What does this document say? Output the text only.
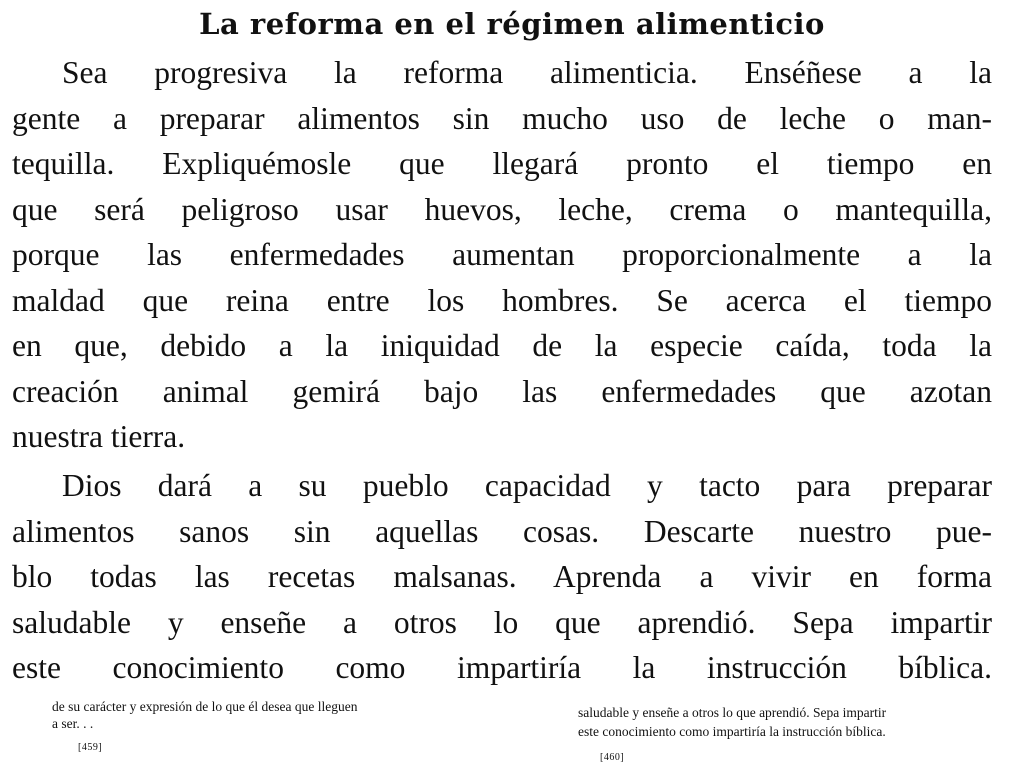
La reforma en el régimen alimenticio
Sea progresiva la reforma alimenticia. Enséñese a la
gente a preparar alimentos sin mucho uso de leche o man-
tequilla. Expliquémosle que llegará pronto el tiempo en
que será peligroso usar huevos, leche, crema o mantequilla,
porque las enfermedades aumentan proporcionalmente a la
maldad que reina entre los hombres. Se acerca el tiempo
en que, debido a la iniquidad de la especie caída, toda la
creación animal gemirá bajo las enfermedades que azotan
nuestra tierra.
Dios dará a su pueblo capacidad y tacto para preparar
alimentos sanos sin aquellas cosas. Descarte nuestro pue-
blo todas las recetas malsanas. Aprenda a vivir en forma
saludable y enseñe a otros lo que aprendió. Sepa impartir
este conocimiento como impartiría la instrucción bíblica.
de su carácter y expresión de lo que él desea que lleguen
a ser. . .
[459]
saludable y enseñe a otros lo que aprendió. Sepa impartir
este conocimiento como impartiría la instrucción bíblica.
[460]
